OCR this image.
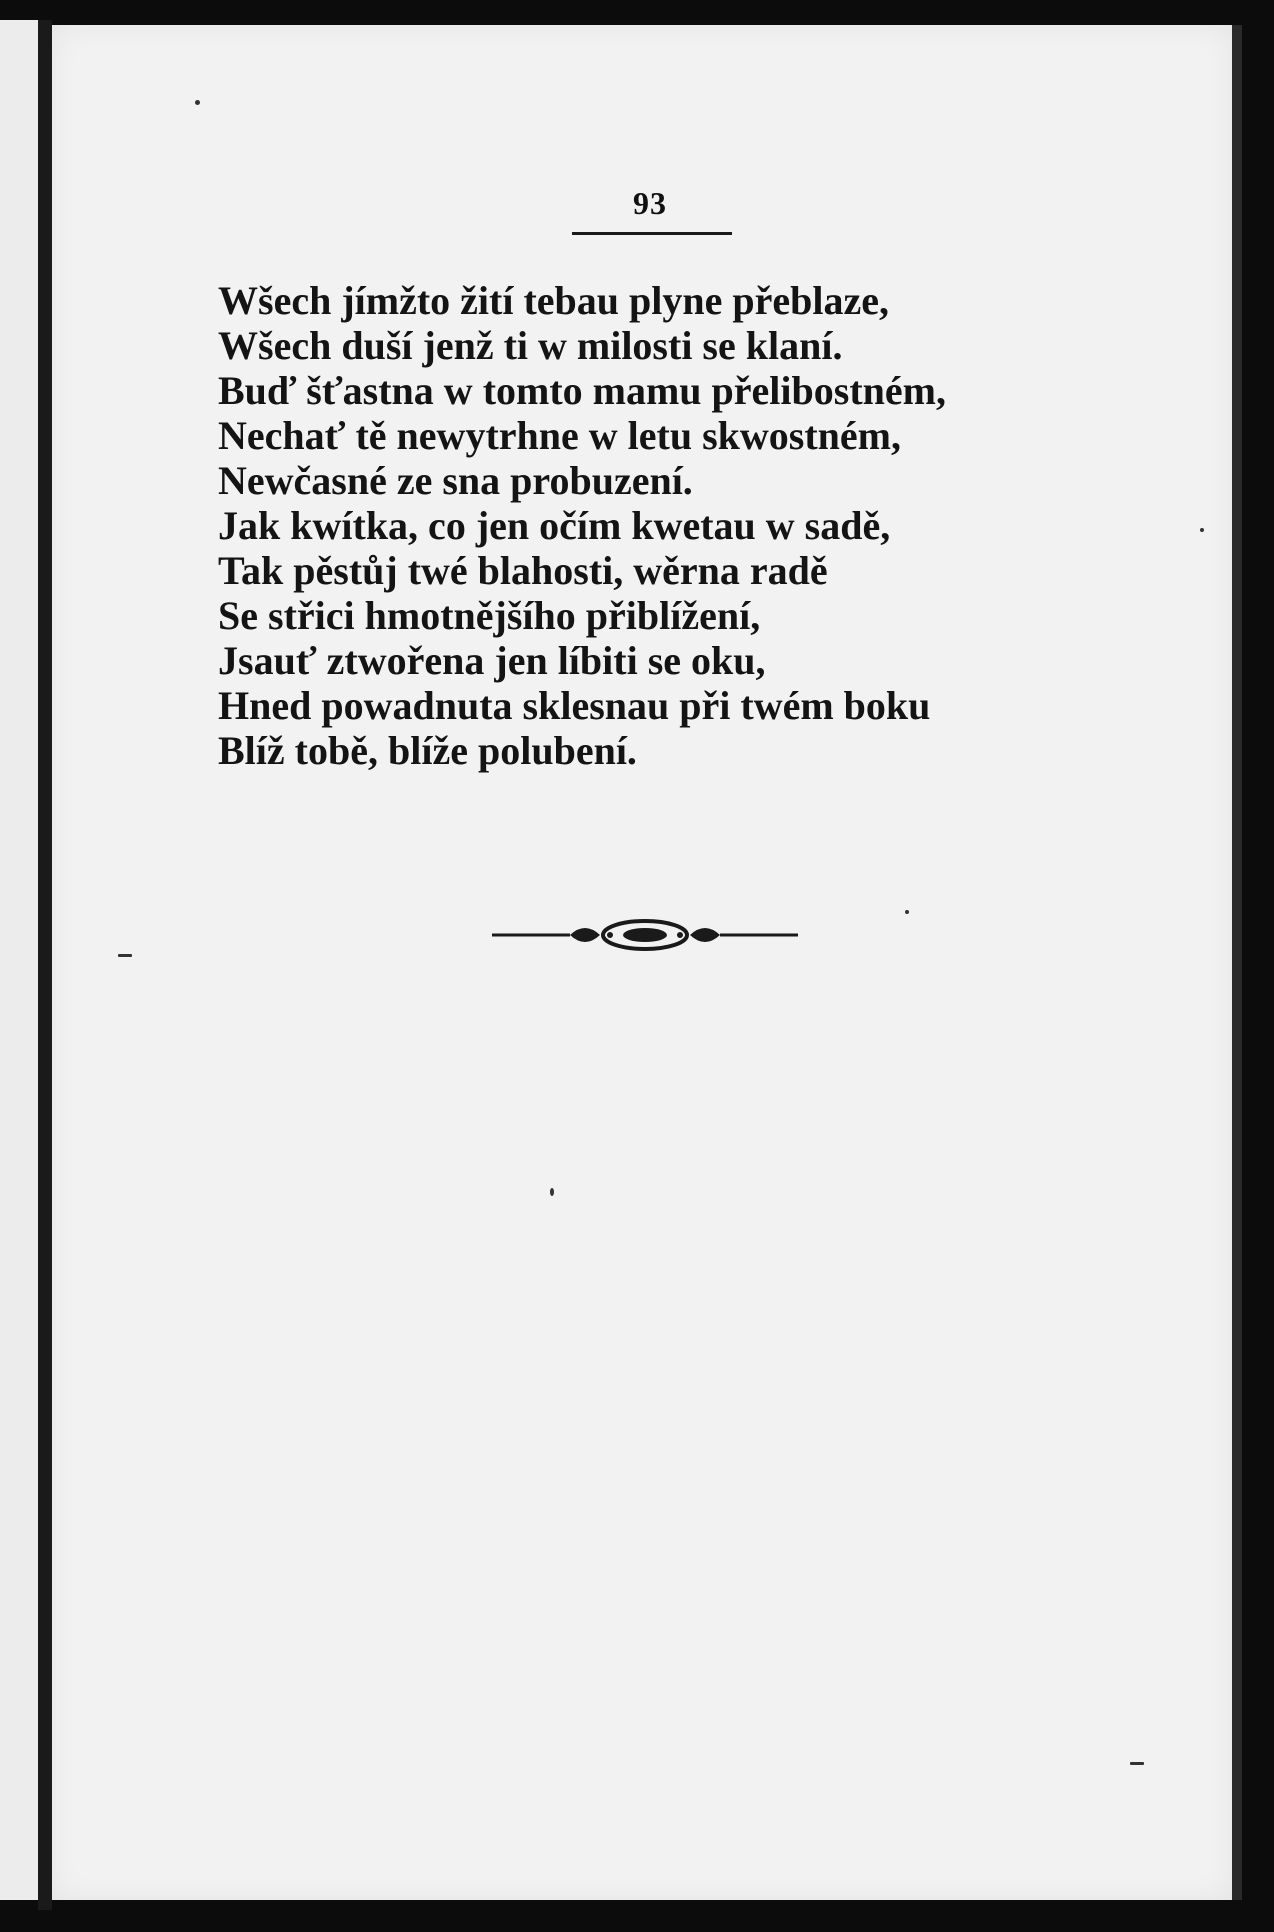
93
Wšech jímžto žití tebau plyne přeblaze,
Wšech duší jenž ti w milosti se klaní.
Buď šťastna w tomto mamu přelibostném,
Nechať tě newytrhne w letu skwostném,
Newčasné ze sna probuzení.
Jak kwítka, co jen očím kwetau w sadě,
Tak pěstůj twé blahosti, wěrna radě
Se střici hmotnějšího přiblížení,
Jsauť ztwořena jen líbiti se oku,
Hned powadnuta sklesnau při twém boku
Blíž tobě, blíže polubení.
